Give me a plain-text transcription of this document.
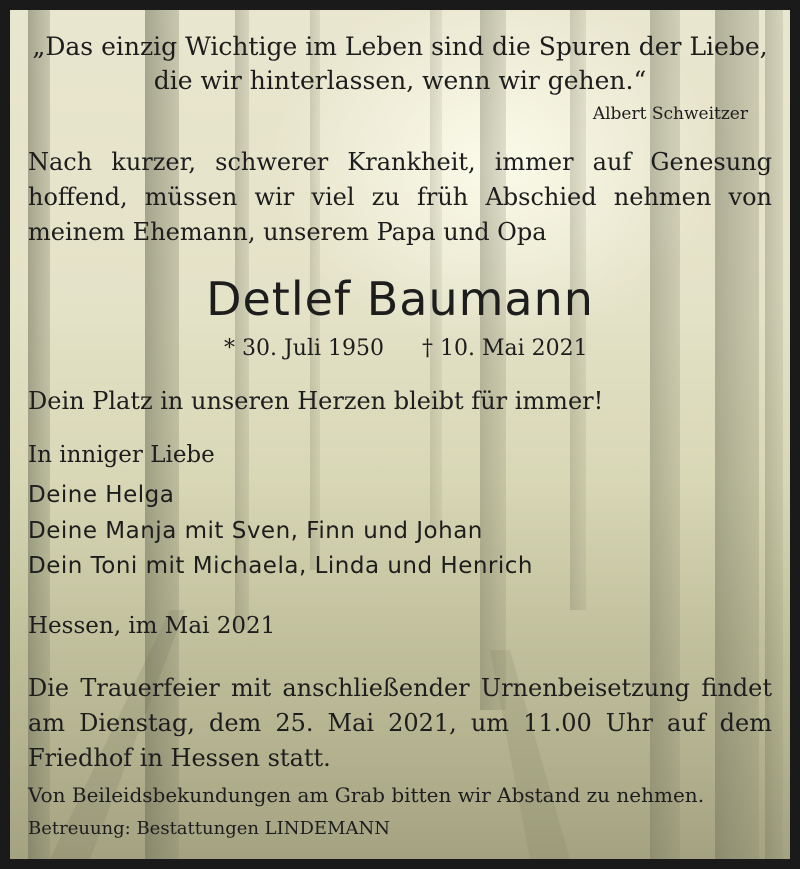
„Das einzig Wichtige im Leben sind die Spuren der Liebe,
die wir hinterlassen, wenn wir gehen.“
Albert Schweitzer
Nach kurzer, schwerer Krankheit, immer auf Genesung
hoffend, müssen wir viel zu früh Abschied nehmen von
meinem Ehemann, unserem Papa und Opa
Detlef Baumann
* 30. Juli 1950 † 10. Mai 2021
Dein Platz in unseren Herzen bleibt für immer!
In inniger Liebe
Deine Helga
Deine Manja mit Sven, Finn und Johan
Dein Toni mit Michaela, Linda und Henrich
Hessen, im Mai 2021
Die Trauerfeier mit anschließender Urnenbeisetzung findet
am Dienstag, dem 25. Mai 2021, um 11.00 Uhr auf dem
Friedhof in Hessen statt.
Von Beileidsbekundungen am Grab bitten wir Abstand zu nehmen.
Betreuung: Bestattungen LINDEMANN
